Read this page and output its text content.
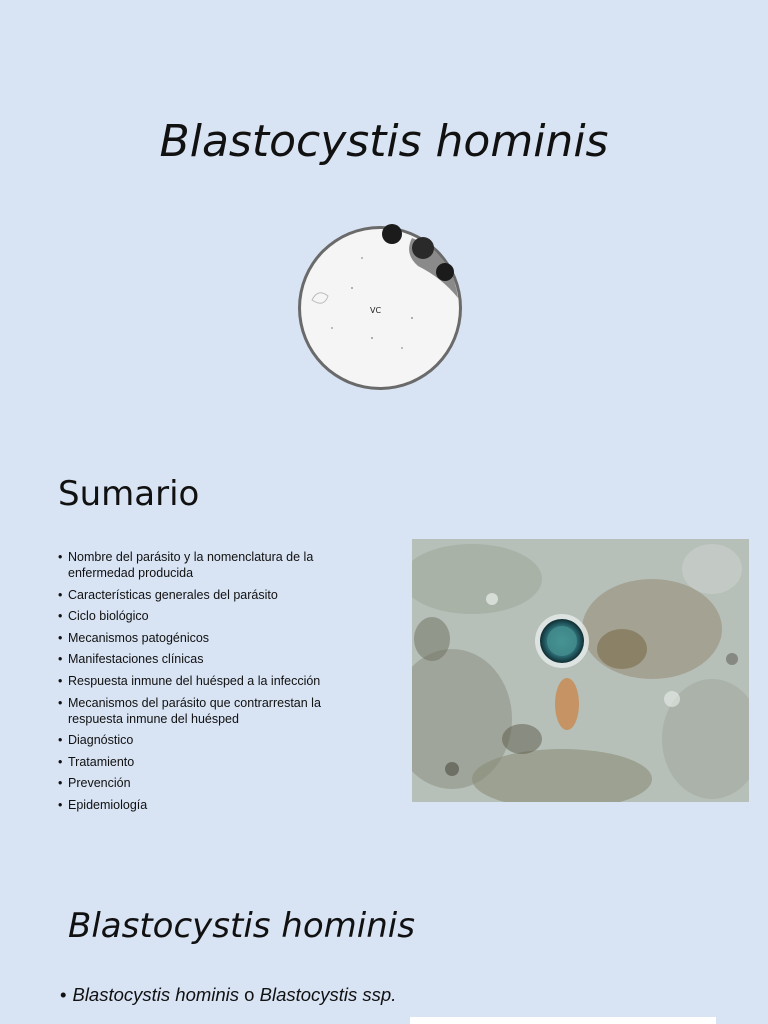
Blastocystis hominis
VC
Sumario
• Nombre del parásito y la nomenclatura de la enfermedad producida
• Características generales del parásito
• Ciclo biológico
• Mecanismos patogénicos
• Manifestaciones clínicas
• Respuesta inmune del huésped a la infección
• Mecanismos del parásito que contrarrestan la respuesta inmune del huésped
• Diagnóstico
• Tratamiento
• Prevención
• Epidemiología
Blastocystis hominis
• Blastocystis hominis o Blastocystis ssp.
